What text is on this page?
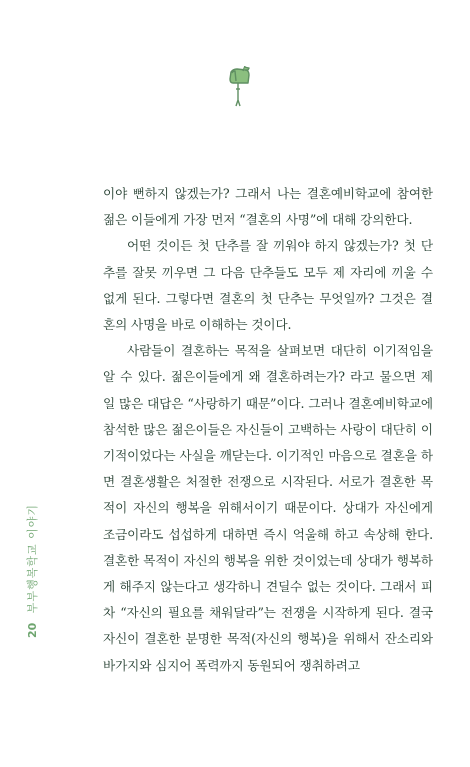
이야 뻔하지 않겠는가? 그래서 나는 결혼예비학교에 참여한 젊은 이들에게 가장 먼저 “결혼의 사명”에 대해 강의한다.

어떤 것이든 첫 단추를 잘 끼워야 하지 않겠는가? 첫 단추를 잘못 끼우면 그 다음 단추들도 모두 제 자리에 끼울 수 없게 된다. 그렇다면 결혼의 첫 단추는 무엇일까? 그것은 결혼의 사명을 바로 이해하는 것이다.

사람들이 결혼하는 목적을 살펴보면 대단히 이기적임을 알 수 있다. 젊은이들에게 왜 결혼하려는가? 라고 물으면 제일 많은 대답은 “사랑하기 때문”이다. 그러나 결혼예비학교에 참석한 많은 젊은이들은 자신들이 고백하는 사랑이 대단히 이기적이었다는 사실을 깨닫는다. 이기적인 마음으로 결혼을 하면 결혼생활은 처절한 전쟁으로 시작된다. 서로가 결혼한 목적이 자신의 행복을 위해서이기 때문이다. 상대가 자신에게 조금이라도 섭섭하게 대하면 즉시 억울해 하고 속상해 한다. 결혼한 목적이 자신의 행복을 위한 것이었는데 상대가 행복하게 해주지 않는다고 생각하니 견딜수 없는 것이다. 그래서 피차 “자신의 필요를 채워달라”는 전쟁을 시작하게 된다. 결국 자신이 결혼한 분명한 목적(자신의 행복)을 위해서 잔소리와 바가지와 심지어 폭력까지 동원되어 쟁취하려고

20 부부행복학교 이야기
